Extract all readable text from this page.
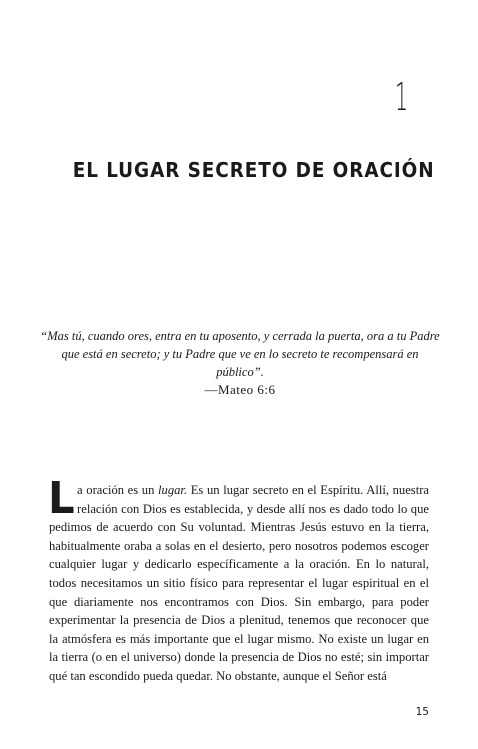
1
EL LUGAR SECRETO DE ORACIÓN

“Mas tú, cuando ores, entra en tu aposento, y cerrada la puerta, ora a tu Padre que está en secreto; y tu Padre que ve en lo secreto te recompensará en público”.

—Mateo 6:6

La oración es un lugar. Es un lugar secreto en el Espíritu. Allí, nuestra relación con Dios es establecida, y desde allí nos es dado todo lo que pedimos de acuerdo con Su voluntad. Mientras Jesús estuvo en la tierra, habitualmente oraba a solas en el desierto, pero nosotros podemos escoger cualquier lugar y dedicarlo específicamente a la oración. En lo natural, todos necesitamos un sitio físico para representar el lugar espiritual en el que diariamente nos encontramos con Dios. Sin embargo, para poder experimentar la presencia de Dios a plenitud, tenemos que reconocer que la atmósfera es más importante que el lugar mismo. No existe un lugar en la tierra (o en el universo) donde la presencia de Dios no esté; sin importar qué tan escondido pueda quedar. No obstante, aunque el Señor está

15
